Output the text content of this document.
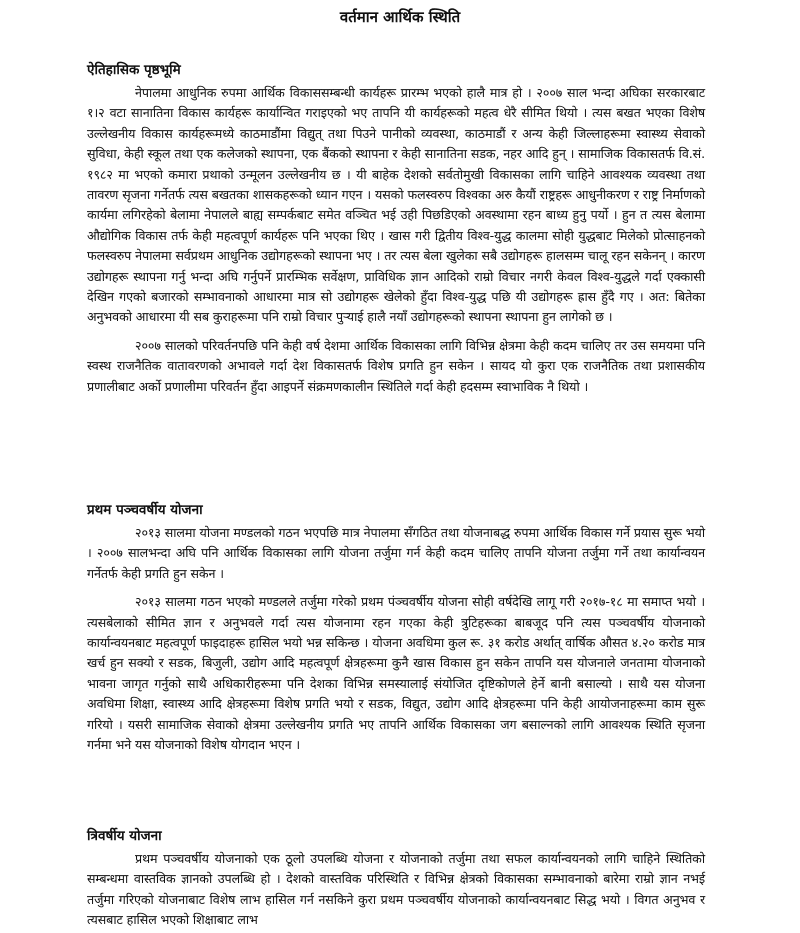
वर्तमान आर्थिक स्थिति
ऐतिहासिक पृष्ठभूमि

नेपालमा आधुनिक रुपमा आर्थिक विकाससम्बन्धी कार्यहरू प्रारम्भ भएको हालै मात्र हो । २००७ साल भन्दा अघिका सरकारबाट १।२ वटा सानातिना विकास कार्यहरू कार्यान्वित गराइएको भए तापनि यी कार्यहरूको महत्व धेरै सीमित थियो । त्यस बखत भएका विशेष उल्लेखनीय विकास कार्यहरूमध्ये काठमाडौंमा विद्युत् तथा पिउने पानीको व्यवस्था, काठमाडौं र अन्य केही जिल्लाहरूमा स्वास्थ्य सेवाको सुविधा, केही स्कूल तथा एक कलेजको स्थापना, एक बैंकको स्थापना र केही सानातिना सडक, नहर आदि हुन् । सामाजिक विकासतर्फ वि.सं. १९८२ मा भएको कमारा प्रथाको उन्मूलन उल्लेखनीय छ । यी बाहेक देशको सर्वतोमुखी विकासका लागि चाहिने आवश्यक व्यवस्था तथा तावरण सृजना गर्नेतर्फ त्यस बखतका शासकहरूको ध्यान गएन । यसको फलस्वरुप विश्वका अरु कैयौं राष्ट्रहरू आधुनीकरण र राष्ट्र निर्माणको कार्यमा लगिरहेको बेलामा नेपालले बाह्य सम्पर्कबाट समेत वञ्चित भई उही पिछडिएको अवस्थामा रहन बाध्य हुनु पर्यो । हुन त त्यस बेलामा औद्योगिक विकास तर्फ केही महत्वपूर्ण कार्यहरू पनि भएका थिए । खास गरी द्वितीय विश्व-युद्ध कालमा सोही युद्धबाट मिलेको प्रोत्साहनको फलस्वरुप नेपालमा सर्वप्रथम आधुनिक उद्योगहरूको स्थापना भए । तर त्यस बेला खुलेका सबै उद्योगहरू हालसम्म चालू रहन सकेनन् । कारण उद्योगहरू स्थापना गर्नु भन्दा अघि गर्नुपर्ने प्रारम्भिक सर्वेक्षण, प्राविधिक ज्ञान आदिको राम्रो विचार नगरी केवल विश्व-युद्धले गर्दा एक्कासी देखिन गएको बजारको सम्भावनाको आधारमा मात्र सो उद्योगहरू खेलेको हुँदा विश्व-युद्ध पछि यी उद्योगहरू ह्रास हुँदै गए । अत: बितेका अनुभवको आधारमा यी सब कुराहरूमा पनि राम्रो विचार पुऱ्याई हालै नयाँ उद्योगहरूको स्थापना स्थापना हुन लागेको छ ।

२००७ सालको परिवर्तनपछि पनि केही वर्ष देशमा आर्थिक विकासका लागि विभिन्न क्षेत्रमा केही कदम चालिए तर उस समयमा पनि स्वस्थ राजनैतिक वातावरणको अभावले गर्दा देश विकासतर्फ विशेष प्रगति हुन सकेन । सायद यो कुरा एक राजनैतिक तथा प्रशासकीय प्रणालीबाट अर्को प्रणालीमा परिवर्तन हुँदा आइपर्ने संक्रमणकालीन स्थितिले गर्दा केही हदसम्म स्वाभाविक नै थियो ।

प्रथम पञ्चवर्षीय योजना

२०१३ सालमा योजना मण्डलको गठन भएपछि मात्र नेपालमा सँगठित तथा योजनाबद्ध रुपमा आर्थिक विकास गर्ने प्रयास सुरू भयो । २००७ सालभन्दा अघि पनि आर्थिक विकासका लागि योजना तर्जुमा गर्न केही कदम चालिए तापनि योजना तर्जुमा गर्ने तथा कार्यान्वयन गर्नेतर्फ केही प्रगति हुन सकेन ।

२०१३ सालमा गठन भएको मण्डलले तर्जुमा गरेको प्रथम पंञ्चवर्षीय योजना सोही वर्षदेखि लागू गरी २०१७-१८ मा समाप्त भयो । त्यसबेलाको सीमित ज्ञान र अनुभवले गर्दा त्यस योजनामा रहन गएका केही त्रुटिहरूका बाबजूद पनि त्यस पञ्चवर्षीय योजनाको कार्यान्वयनबाट महत्वपूर्ण फाइदाहरू हासिल भयो भन्न सकिन्छ । योजना अवधिमा कुल रू. ३१ करोड अर्थात् वार्षिक औसत ४.२० करोड मात्र खर्च हुन सक्यो र सडक, बिजुली, उद्योग आदि महत्वपूर्ण क्षेत्रहरूमा कुनै खास विकास हुन सकेन तापनि यस योजनाले जनतामा योजनाको भावना जागृत गर्नुको साथै अधिकारीहरूमा पनि देशका विभिन्न समस्यालाई संयोजित दृष्टिकोणले हेर्ने बानी बसाल्यो । साथै यस योजना अवधिमा शिक्षा, स्वास्थ्य आदि क्षेत्रहरूमा विशेष प्रगति भयो र सडक, विद्युत, उद्योग आदि क्षेत्रहरूमा पनि केही आयोजनाहरूमा काम सुरू गरियो । यसरी सामाजिक सेवाको क्षेत्रमा उल्लेखनीय प्रगति भए तापनि आर्थिक विकासका जग बसाल्नको लागि आवश्यक स्थिति सृजना गर्नमा भने यस योजनाको विशेष योगदान भएन ।

त्रिवर्षीय योजना

प्रथम पञ्चवर्षीय योजनाको एक ठूलो उपलब्धि योजना र योजनाको तर्जुमा तथा सफल कार्यान्वयनको लागि चाहिने स्थितिको सम्बन्धमा वास्तविक ज्ञानको उपलब्धि हो । देशको वास्तविक परिस्थिति र विभिन्न क्षेत्रको विकासका सम्भावनाको बारेमा राम्रो ज्ञान नभई तर्जुमा गरिएको योजनाबाट विशेष लाभ हासिल गर्न नसकिने कुरा प्रथम पञ्चवर्षीय योजनाको कार्यान्वयनबाट सिद्ध भयो । विगत अनुभव र त्यसबाट हासिल भएको शिक्षाबाट लाभ
